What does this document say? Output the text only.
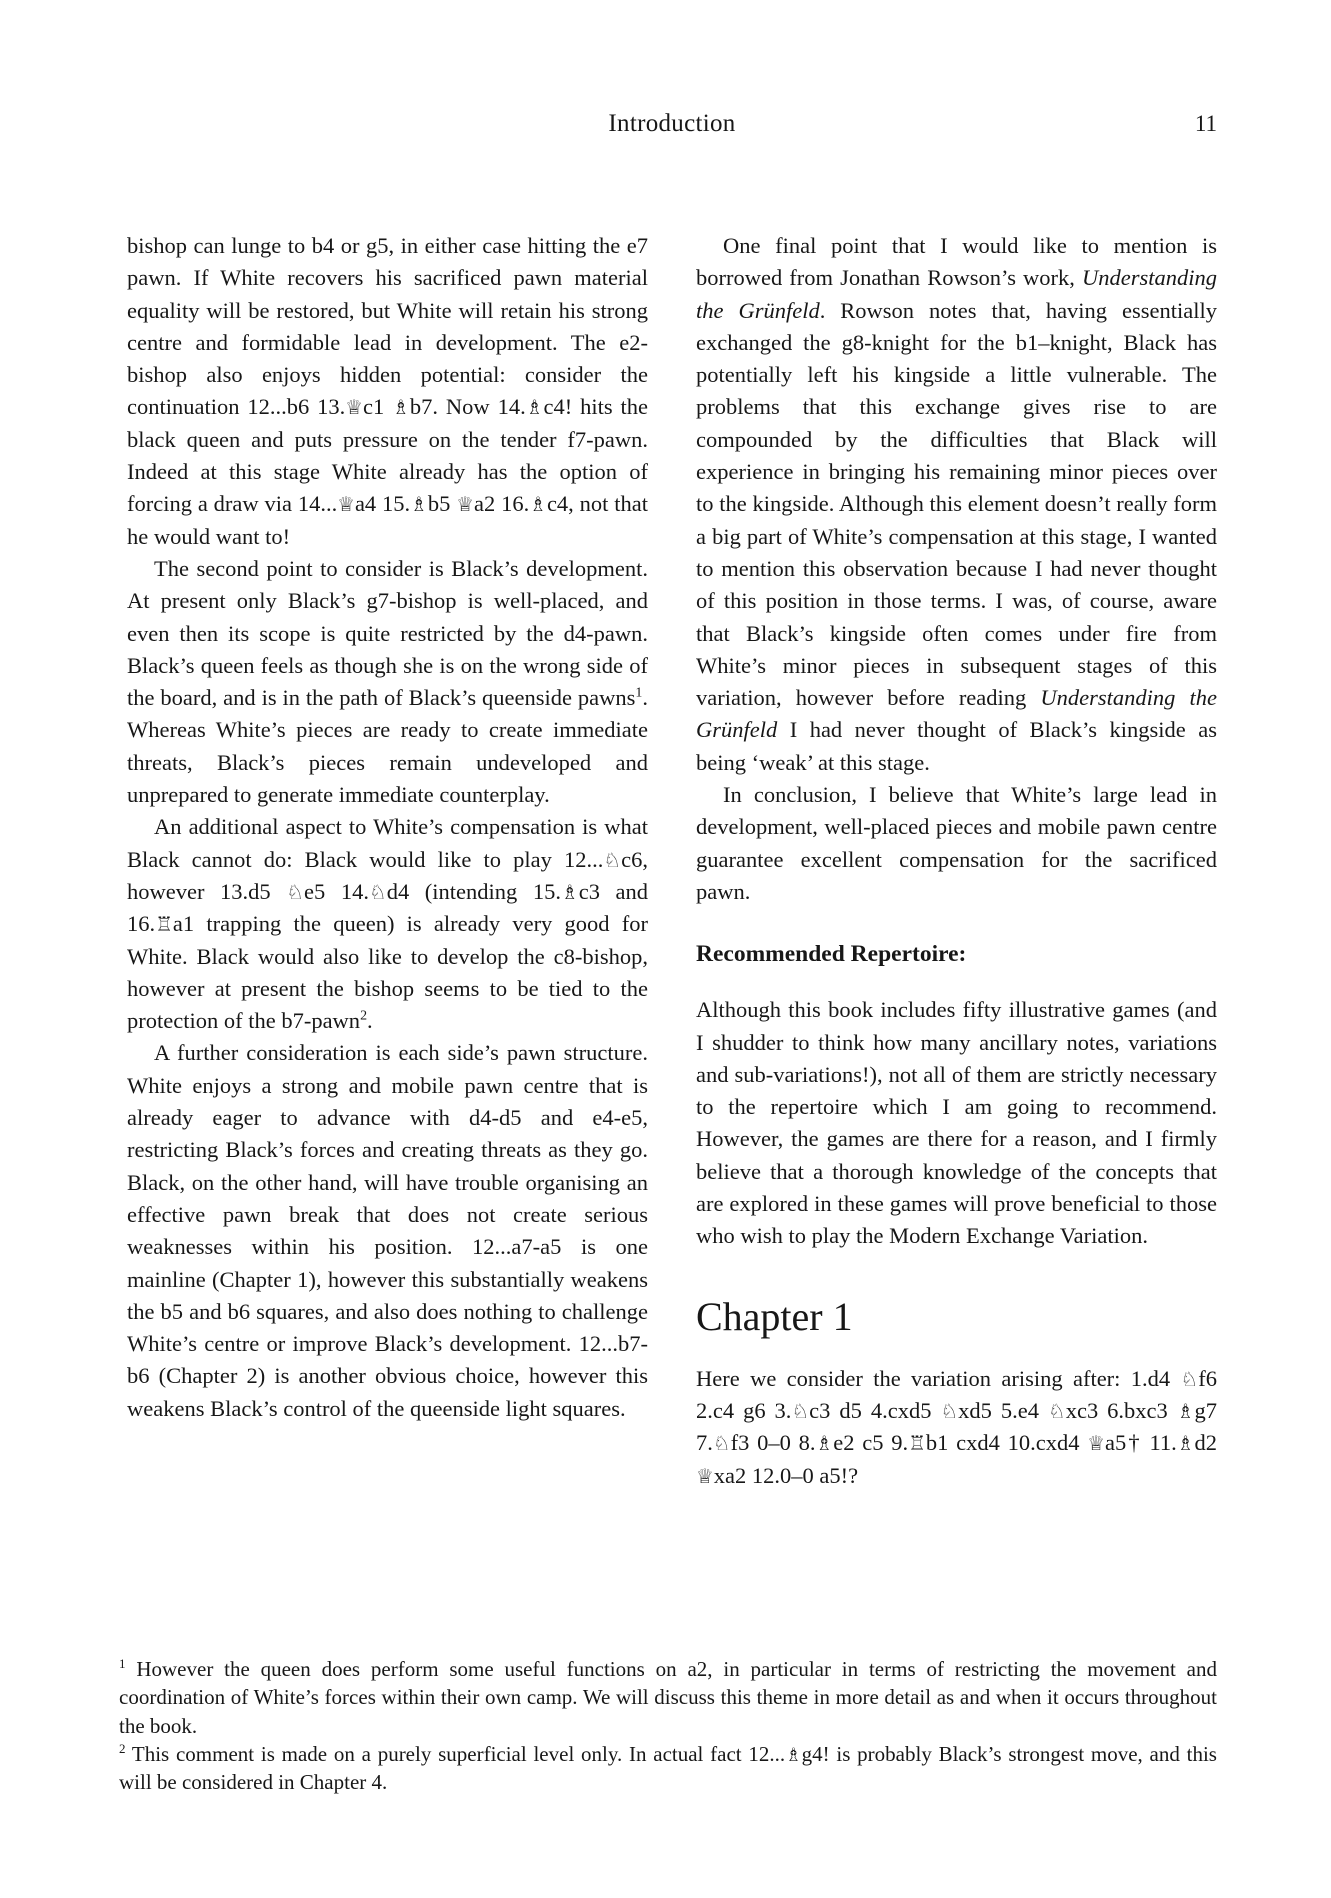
Introduction	11

bishop can lunge to b4 or g5, in either case hitting the e7 pawn. If White recovers his sacrificed pawn material equality will be restored, but White will retain his strong centre and formidable lead in development. The e2-bishop also enjoys hidden potential: consider the continuation 12...b6 13.♕c1 ♗b7. Now 14.♗c4! hits the black queen and puts pressure on the tender f7-pawn. Indeed at this stage White already has the option of forcing a draw via 14...♕a4 15.♗b5 ♕a2 16.♗c4, not that he would want to!

The second point to consider is Black’s development. At present only Black’s g7-bishop is well-placed, and even then its scope is quite restricted by the d4-pawn. Black’s queen feels as though she is on the wrong side of the board, and is in the path of Black’s queenside pawns$^1$. Whereas White’s pieces are ready to create immediate threats, Black’s pieces remain undeveloped and unprepared to generate immediate counterplay.

An additional aspect to White’s compensation is what Black cannot do: Black would like to play 12...♘c6, however 13.d5 ♘e5 14.♘d4 (intending 15.♗c3 and 16.♖a1 trapping the queen) is already very good for White. Black would also like to develop the c8-bishop, however at present the bishop seems to be tied to the protection of the b7-pawn$^2$.

A further consideration is each side’s pawn structure. White enjoys a strong and mobile pawn centre that is already eager to advance with d4-d5 and e4-e5, restricting Black’s forces and creating threats as they go. Black, on the other hand, will have trouble organising an effective pawn break that does not create serious weaknesses within his position. 12...a7-a5 is one mainline (Chapter 1), however this substantially weakens the b5 and b6 squares, and also does nothing to challenge White’s centre or improve Black’s development. 12...b7-b6 (Chapter 2) is another obvious choice, however this weakens Black’s control of the queenside light squares.

One final point that I would like to mention is borrowed from Jonathan Rowson’s work, Understanding the Grünfeld. Rowson notes that, having essentially exchanged the g8-knight for the b1–knight, Black has potentially left his kingside a little vulnerable. The problems that this exchange gives rise to are compounded by the difficulties that Black will experience in bringing his remaining minor pieces over to the kingside. Although this element doesn’t really form a big part of White’s compensation at this stage, I wanted to mention this observation because I had never thought of this position in those terms. I was, of course, aware that Black’s kingside often comes under fire from White’s minor pieces in subsequent stages of this variation, however before reading Understanding the Grünfeld I had never thought of Black’s kingside as being ‘weak’ at this stage.

In conclusion, I believe that White’s large lead in development, well-placed pieces and mobile pawn centre guarantee excellent compensation for the sacrificed pawn.

Recommended Repertoire:

Although this book includes fifty illustrative games (and I shudder to think how many ancillary notes, variations and sub-variations!), not all of them are strictly necessary to the repertoire which I am going to recommend. However, the games are there for a reason, and I firmly believe that a thorough knowledge of the concepts that are explored in these games will prove beneficial to those who wish to play the Modern Exchange Variation.

Chapter 1

Here we consider the variation arising after: 1.d4 ♘f6 2.c4 g6 3.♘c3 d5 4.cxd5 ♘xd5 5.e4 ♘xc3 6.bxc3 ♗g7 7.♘f3 0–0 8.♗e2 c5 9.♖b1 cxd4 10.cxd4 ♕a5† 11.♗d2 ♕xa2 12.0–0 a5!?

$^1$ However the queen does perform some useful functions on a2, in particular in terms of restricting the movement and coordination of White’s forces within their own camp. We will discuss this theme in more detail as and when it occurs throughout the book.

$^2$ This comment is made on a purely superficial level only. In actual fact 12...♗g4! is probably Black’s strongest move, and this will be considered in Chapter 4.
